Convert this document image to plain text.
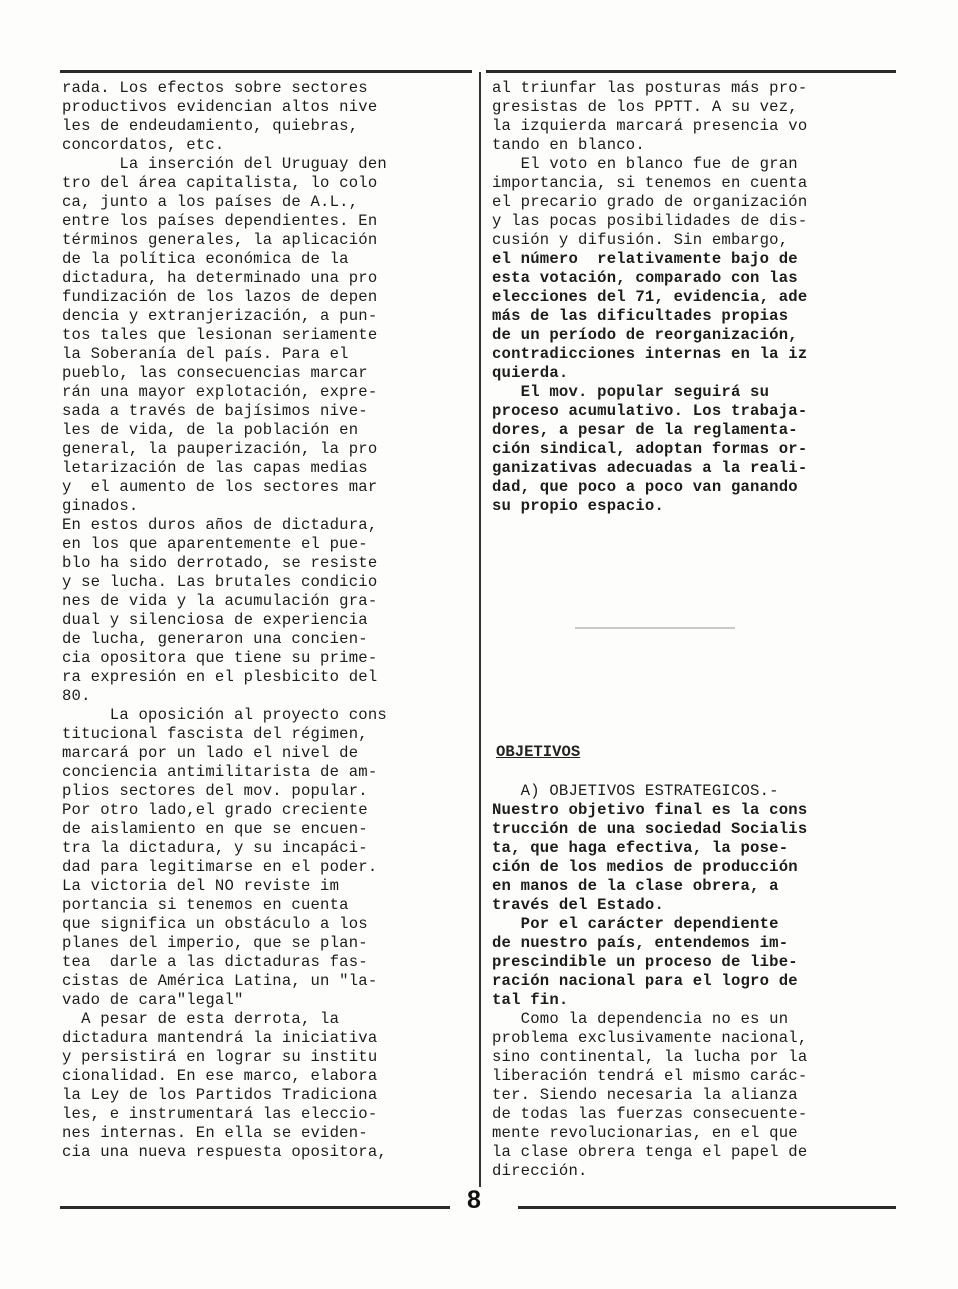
rada. Los efectos sobre sectores
productivos evidencian altos nive
les de endeudamiento, quiebras,
concordatos, etc.
La inserción del Uruguay den
tro del área capitalista, lo colo
ca, junto a los países de A.L.,
entre los países dependientes. En
términos generales, la aplicación
de la política económica de la
dictadura, ha determinado una pro
fundización de los lazos de depen
dencia y extranjerización, a pun-
tos tales que lesionan seriamente
la Soberanía del país. Para el
pueblo, las consecuencias marcar
rán una mayor explotación, expre-
sada a través de bajísimos nive-
les de vida, de la población en
general, la pauperización, la pro
letarización de las capas medias
y  el aumento de los sectores mar
ginados.
En estos duros años de dictadura,
en los que aparentemente el pue-
blo ha sido derrotado, se resiste
y se lucha. Las brutales condicio
nes de vida y la acumulación gra-
dual y silenciosa de experiencia
de lucha, generaron una concien-
cia opositora que tiene su prime-
ra expresión en el plesbicito del
80.
La oposición al proyecto cons
titucional fascista del régimen,
marcará por un lado el nivel de
conciencia antimilitarista de am-
plios sectores del mov. popular.
Por otro lado,el grado creciente
de aislamiento en que se encuen-
tra la dictadura, y su incapáci-
dad para legitimarse en el poder.
La victoria del NO reviste im
portancia si tenemos en cuenta
que significa un obstáculo a los
planes del imperio, que se plan-
tea  darle a las dictaduras fas-
cistas de América Latina, un "la-
vado de cara"legal"
A pesar de esta derrota, la
dictadura mantendrá la iniciativa
y persistirá en lograr su institu
cionalidad. En ese marco, elabora
la Ley de los Partidos Tradiciona
les, e instrumentará las eleccio-
nes internas. En ella se eviden-
cia una nueva respuesta opositora,
al triunfar las posturas más pro-
gresistas de los PPTT. A su vez,
la izquierda marcará presencia vo
tando en blanco.
El voto en blanco fue de gran
importancia, si tenemos en cuenta
el precario grado de organización
y las pocas posibilidades de dis-
cusión y difusión. Sin embargo,
el número  relativamente bajo de
esta votación, comparado con las
elecciones del 71, evidencia, ade
más de las dificultades propias
de un período de reorganización,
contradicciones internas en la iz
quierda.
El mov. popular seguirá su
proceso acumulativo. Los trabaja-
dores, a pesar de la reglamenta-
ción sindical, adoptan formas or-
ganizativas adecuadas a la reali-
dad, que poco a poco van ganando
su propio espacio.
OBJETIVOS
A) OBJETIVOS ESTRATEGICOS.-
Nuestro objetivo final es la cons
trucción de una sociedad Socialis
ta, que haga efectiva, la pose-
ción de los medios de producción
en manos de la clase obrera, a
través del Estado.
Por el carácter dependiente
de nuestro país, entendemos im-
prescindible un proceso de libe-
ración nacional para el logro de
tal fin.
Como la dependencia no es un
problema exclusivamente nacional,
sino continental, la lucha por la
liberación tendrá el mismo carác-
ter. Siendo necesaria la alianza
de todas las fuerzas consecuente-
mente revolucionarias, en el que
la clase obrera tenga el papel de
dirección.
8
